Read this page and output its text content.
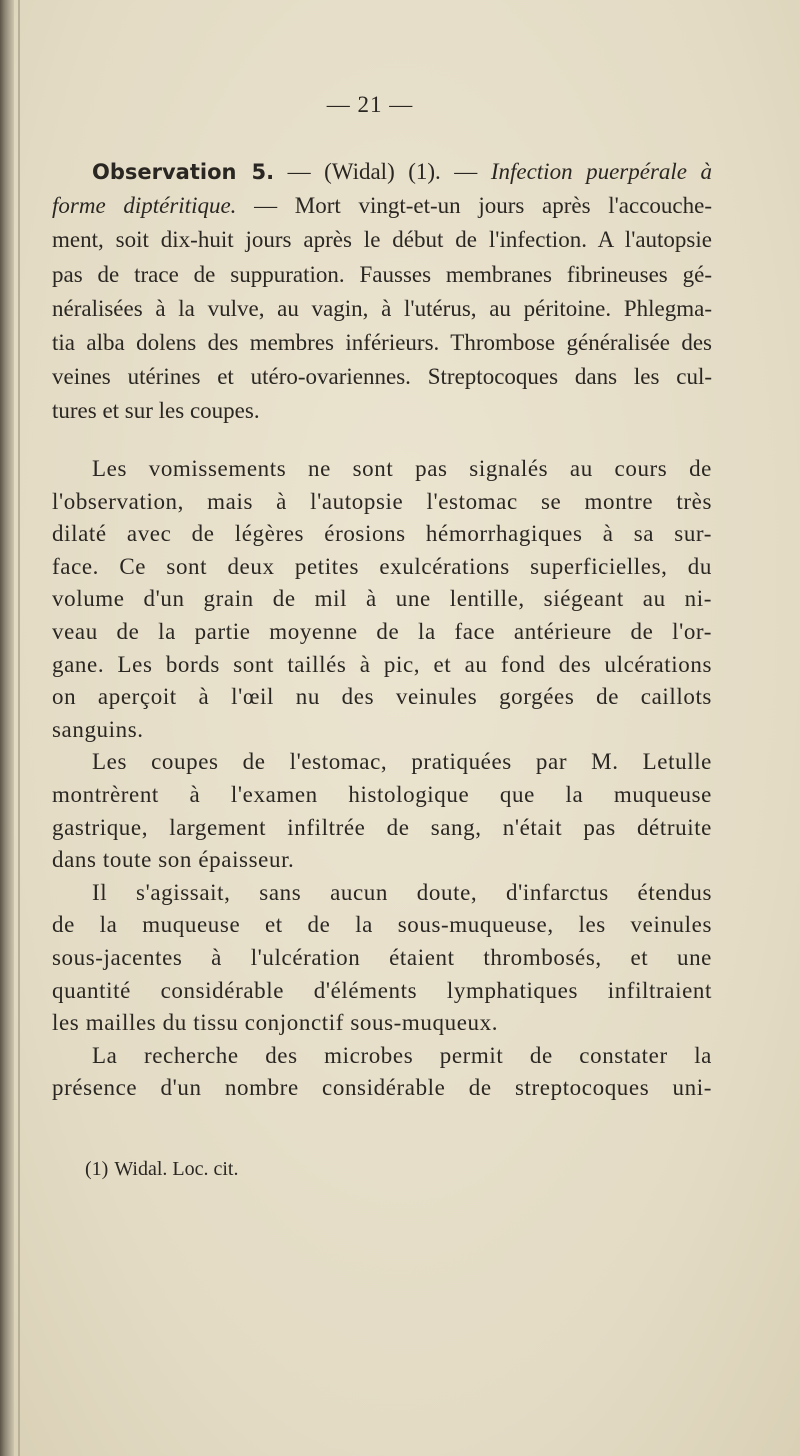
— 21 —
Observation 5. — (Widal) (1). — Infection puerpérale à
forme diptéritique. — Mort vingt-et-un jours après l'accouche-
ment, soit dix-huit jours après le début de l'infection. A l'autopsie
pas de trace de suppuration. Fausses membranes fibrineuses gé-
néralisées à la vulve, au vagin, à l'utérus, au péritoine. Phlegma-
tia alba dolens des membres inférieurs. Thrombose généralisée des
veines utérines et utéro-ovariennes. Streptocoques dans les cul-
tures et sur les coupes.
Les vomissements ne sont pas signalés au cours de
l'observation, mais à l'autopsie l'estomac se montre très
dilaté avec de légères érosions hémorrhagiques à sa sur-
face. Ce sont deux petites exulcérations superficielles, du
volume d'un grain de mil à une lentille, siégeant au ni-
veau de la partie moyenne de la face antérieure de l'or-
gane. Les bords sont taillés à pic, et au fond des ulcérations
on aperçoit à l'œil nu des veinules gorgées de caillots
sanguins.
Les coupes de l'estomac, pratiquées par M. Letulle
montrèrent à l'examen histologique que la muqueuse
gastrique, largement infiltrée de sang, n'était pas détruite
dans toute son épaisseur.
Il s'agissait, sans aucun doute, d'infarctus étendus
de la muqueuse et de la sous-muqueuse, les veinules
sous-jacentes à l'ulcération étaient thrombosés, et une
quantité considérable d'éléments lymphatiques infiltraient
les mailles du tissu conjonctif sous-muqueux.
La recherche des microbes permit de constater la
présence d'un nombre considérable de streptocoques uni-
(1) Widal. Loc. cit.
